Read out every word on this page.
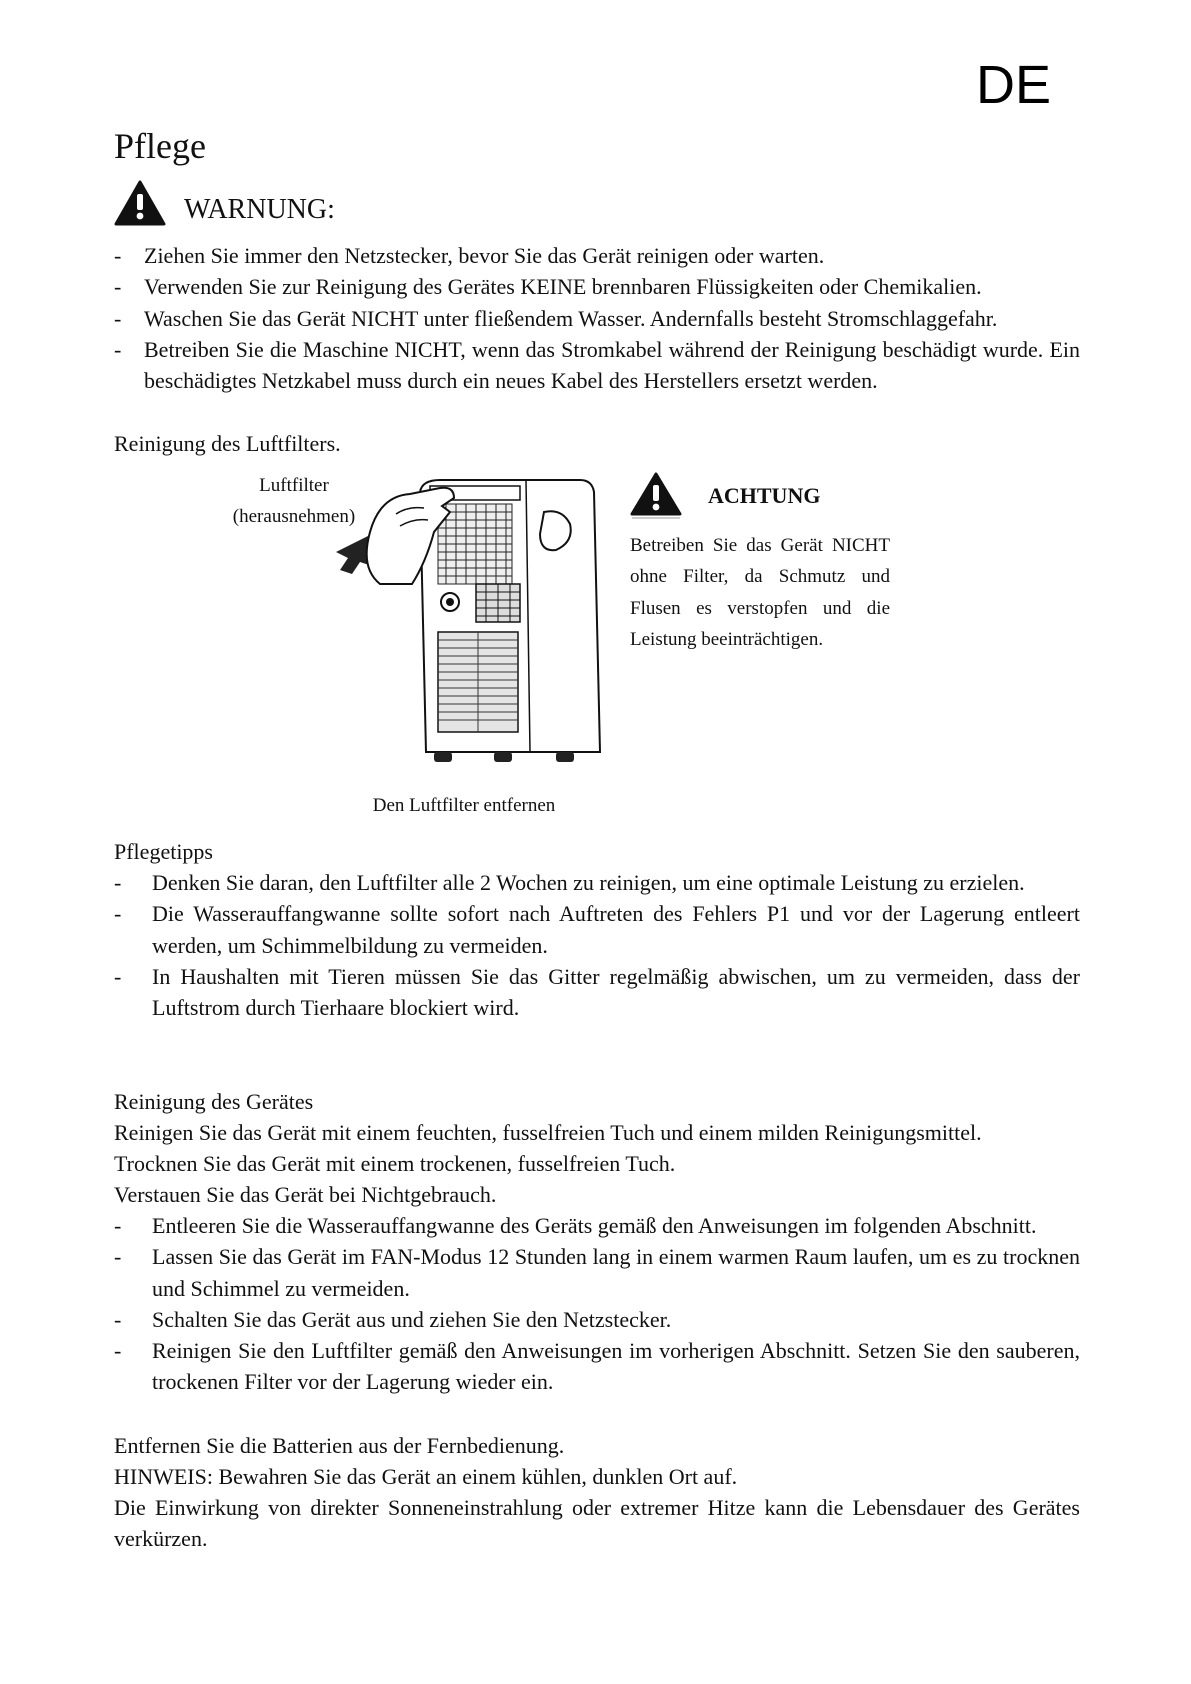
DE
Pflege
WARNUNG:
- Ziehen Sie immer den Netzstecker, bevor Sie das Gerät reinigen oder warten.
- Verwenden Sie zur Reinigung des Gerätes KEINE brennbaren Flüssigkeiten oder Chemikalien.
- Waschen Sie das Gerät NICHT unter fließendem Wasser. Andernfalls besteht Stromschlaggefahr.
- Betreiben Sie die Maschine NICHT, wenn das Stromkabel während der Reinigung beschädigt wurde. Ein beschädigtes Netzkabel muss durch ein neues Kabel des Herstellers ersetzt werden.
Reinigung des Luftfilters.
Luftfilter
(herausnehmen)
Den Luftfilter entfernen
ACHTUNG
Betreiben Sie das Gerät NICHT ohne Filter, da Schmutz und Flusen es verstopfen und die Leistung beeinträchtigen.
Pflegetipps
- Denken Sie daran, den Luftfilter alle 2 Wochen zu reinigen, um eine optimale Leistung zu erzielen.
- Die Wasserauffangwanne sollte sofort nach Auftreten des Fehlers P1 und vor der Lagerung entleert werden, um Schimmelbildung zu vermeiden.
- In Haushalten mit Tieren müssen Sie das Gitter regelmäßig abwischen, um zu vermeiden, dass der Luftstrom durch Tierhaare blockiert wird.
Reinigung des Gerätes
Reinigen Sie das Gerät mit einem feuchten, fusselfreien Tuch und einem milden Reinigungsmittel.
Trocknen Sie das Gerät mit einem trockenen, fusselfreien Tuch.
Verstauen Sie das Gerät bei Nichtgebrauch.
- Entleeren Sie die Wasserauffangwanne des Geräts gemäß den Anweisungen im folgenden Abschnitt.
- Lassen Sie das Gerät im FAN-Modus 12 Stunden lang in einem warmen Raum laufen, um es zu trocknen und Schimmel zu vermeiden.
- Schalten Sie das Gerät aus und ziehen Sie den Netzstecker.
- Reinigen Sie den Luftfilter gemäß den Anweisungen im vorherigen Abschnitt. Setzen Sie den sauberen, trockenen Filter vor der Lagerung wieder ein.
Entfernen Sie die Batterien aus der Fernbedienung.
HINWEIS: Bewahren Sie das Gerät an einem kühlen, dunklen Ort auf.
Die Einwirkung von direkter Sonneneinstrahlung oder extremer Hitze kann die Lebensdauer des Gerätes verkürzen.
